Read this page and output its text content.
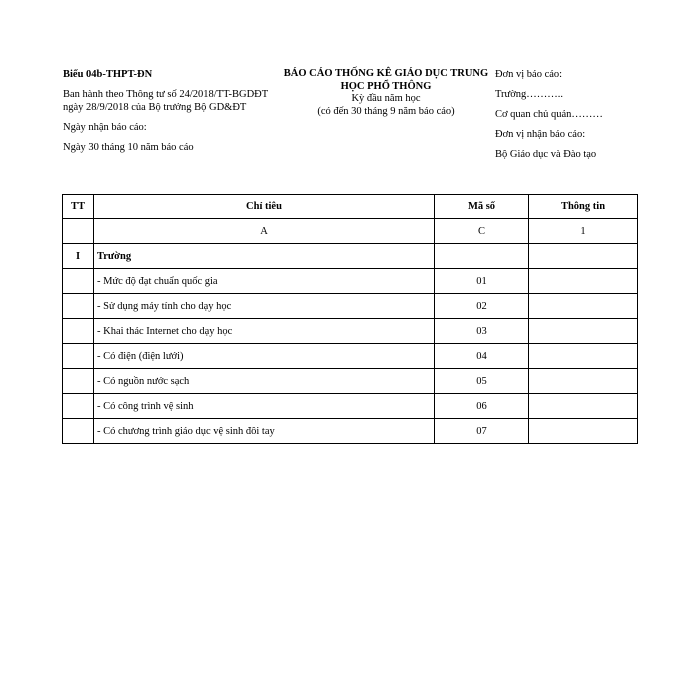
Biểu 04b-THPT-ĐN
Ban hành theo Thông tư số 24/2018/TT-BGDĐT
ngày 28/9/2018 của Bộ trưởng Bộ GD&ĐT
Ngày nhận báo cáo:
Ngày 30 tháng 10 năm báo cáo
BÁO CÁO THỐNG KÊ GIÁO DỤC TRUNG
HỌC PHỔ THÔNG
Kỳ đầu năm học
(có đến 30 tháng 9 năm báo cáo)
Đơn vị báo cáo:
Trường………..
Cơ quan chủ quản………
Đơn vị nhận báo cáo:
Bộ Giáo dục và Đào tạo
TT	Chỉ tiêu	Mã số	Thông tin
	A	C	1
I	Trường		
	- Mức độ đạt chuẩn quốc gia	01	
	- Sử dụng máy tính cho dạy học	02	
	- Khai thác Internet cho dạy học	03	
	- Có điện (điện lưới)	04	
	- Có nguồn nước sạch	05	
	- Có công trình vệ sinh	06	
	- Có chương trình giáo dục vệ sinh đôi tay	07	
